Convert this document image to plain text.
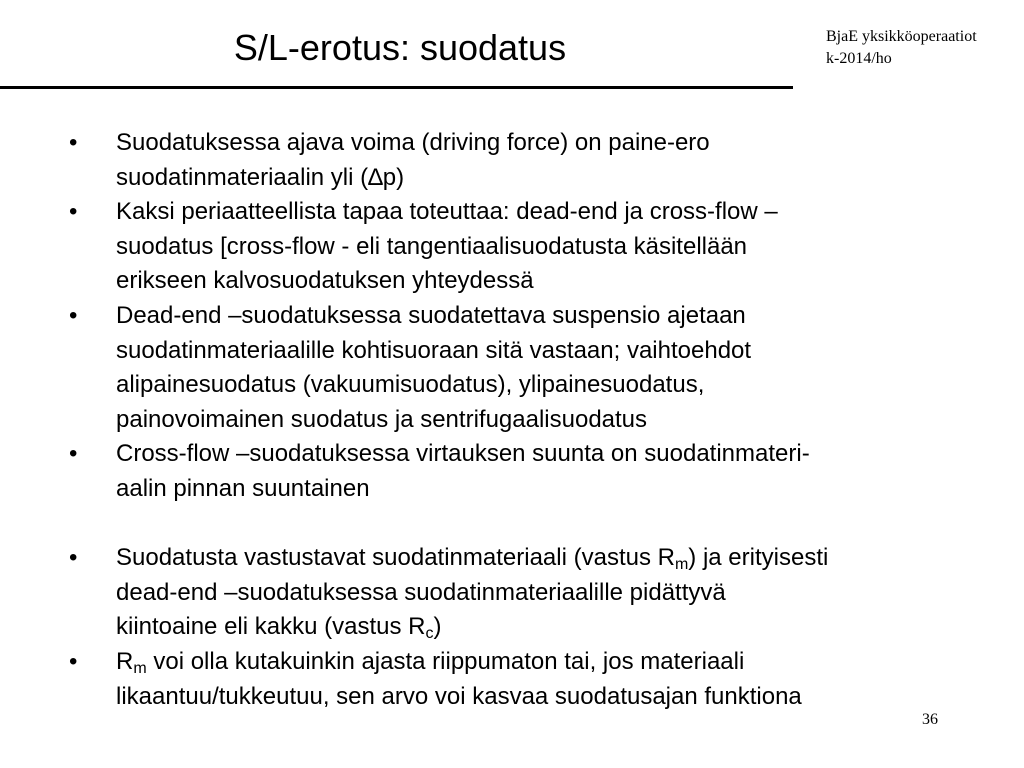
S/L-erotus: suodatus	BjaE yksikköoperaatiot
k-2014/ho
• Suodatuksessa ajava voima (driving force) on paine-ero
suodatinmateriaalin yli (∆p)
• Kaksi periaatteellista tapaa toteuttaa: dead-end ja cross-flow –
suodatus [cross-flow - eli tangentiaalisuodatusta käsitellään
erikseen kalvosuodatuksen yhteydessä
• Dead-end –suodatuksessa suodatettava suspensio ajetaan
suodatinmateriaalille kohtisuoraan sitä vastaan; vaihtoehdot
alipainesuodatus (vakuumisuodatus), ylipainesuodatus,
painovoimainen suodatus ja sentrifugaalisuodatus
• Cross-flow –suodatuksessa virtauksen suunta on suodatinmateri-
aalin pinnan suuntainen
• Suodatusta vastustavat suodatinmateriaali (vastus $R_m$) ja erityisesti
dead-end –suodatuksessa suodatinmateriaalille pidättyvä
kiintoaine eli kakku (vastus $R_c$)
• $R_m$ voi olla kutakuinkin ajasta riippumaton tai, jos materiaali
likaantuu/tukkeutuu, sen arvo voi kasvaa suodatusajan funktiona
36
